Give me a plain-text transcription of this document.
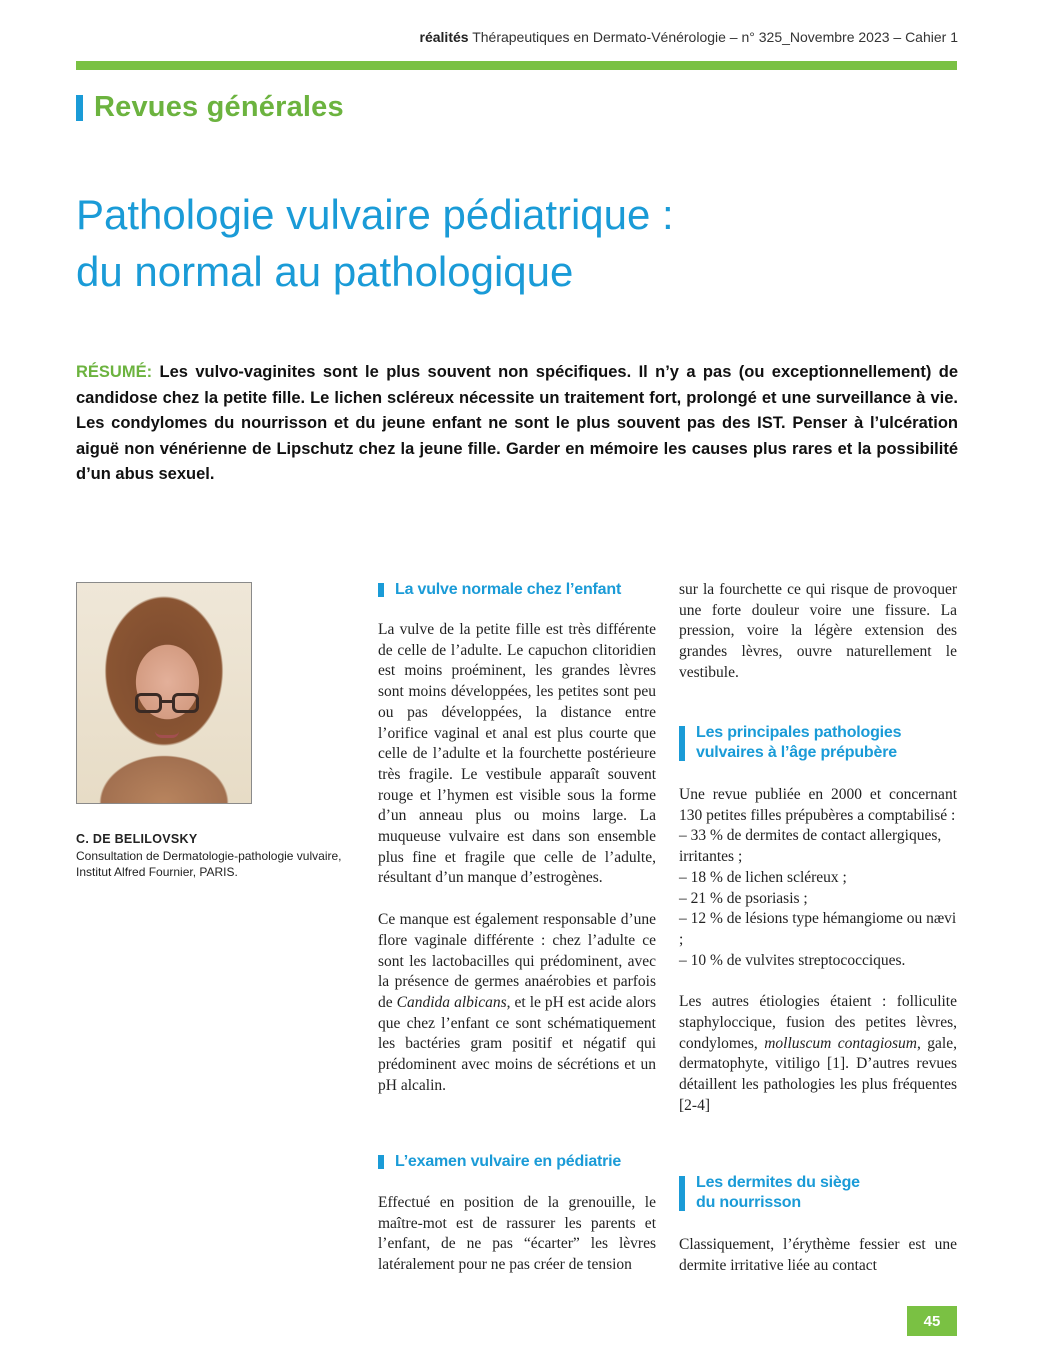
réalités Thérapeutiques en Dermato-Vénérologie – n° 325_Novembre 2023 – Cahier 1
Revues générales
Pathologie vulvaire pédiatrique :
du normal au pathologique
RÉSUMÉ: Les vulvo-vaginites sont le plus souvent non spécifiques. Il n’y a pas (ou exceptionnellement) de candidose chez la petite fille. Le lichen scléreux nécessite un traitement fort, prolongé et une surveillance à vie. Les condylomes du nourrisson et du jeune enfant ne sont le plus souvent pas des IST. Penser à l’ulcération aiguë non vénérienne de Lipschutz chez la jeune fille. Garder en mémoire les causes plus rares et la possibilité d’un abus sexuel.
C. DE BELILOVSKY
Consultation de Dermatologie-pathologie vulvaire,
Institut Alfred Fournier, PARIS.
La vulve normale chez l’enfant

La vulve de la petite fille est très différente de celle de l’adulte. Le capuchon clitoridien est moins proéminent, les grandes lèvres sont moins développées, les petites sont peu ou pas développées, la distance entre l’orifice vaginal et anal est plus courte que celle de l’adulte et la fourchette postérieure très fragile. Le vestibule apparaît souvent rouge et l’hymen est visible sous la forme d’un anneau plus ou moins large. La muqueuse vulvaire est dans son ensemble plus fine et fragile que celle de l’adulte, résultant d’un manque d’estrogènes.

Ce manque est également responsable d’une flore vaginale différente : chez l’adulte ce sont les lactobacilles qui prédominent, avec la présence de germes anaérobies et parfois de Candida albicans, et le pH est acide alors que chez l’enfant ce sont schématiquement les bactéries gram positif et négatif qui prédominent avec moins de sécrétions et un pH alcalin.

L’examen vulvaire en pédiatrie

Effectué en position de la grenouille, le maître-mot est de rassurer les parents et l’enfant, de ne pas “écarter” les lèvres latéralement pour ne pas créer de tension

sur la fourchette ce qui risque de provoquer une forte douleur voire une fissure. La pression, voire la légère extension des grandes lèvres, ouvre naturellement le vestibule.

Les principales pathologies
vulvaires à l’âge prépubère

Une revue publiée en 2000 et concernant 130 petites filles prépubères a comptabilisé :

– 33 % de dermites de contact allergiques, irritantes ;

– 18 % de lichen scléreux ;

– 21 % de psoriasis ;

– 12 % de lésions type hémangiome ou nævi ;

– 10 % de vulvites streptococciques.

Les autres étiologies étaient : folliculite staphyloccique, fusion des petites lèvres, condylomes, molluscum contagiosum, gale, dermatophyte, vitiligo [1]. D’autres revues détaillent les pathologies les plus fréquentes [2-4]

Les dermites du siège
du nourrisson

Classiquement, l’érythème fessier est une dermite irritative liée au contact

45
